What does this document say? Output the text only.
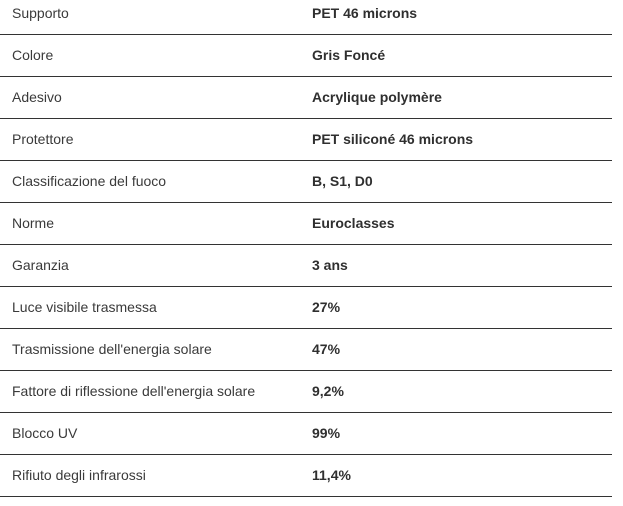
Supporto	PET 46 microns
Colore	Gris Foncé
Adesivo	Acrylique polymère
Protettore	PET siliconé 46 microns
Classificazione del fuoco	B, S1, D0
Norme	Euroclasses
Garanzia	3 ans
Luce visibile trasmessa	27%
Trasmissione dell'energia solare	47%
Fattore di riflessione dell'energia solare	9,2%
Blocco UV	99%
Rifiuto degli infrarossi	11,4%
